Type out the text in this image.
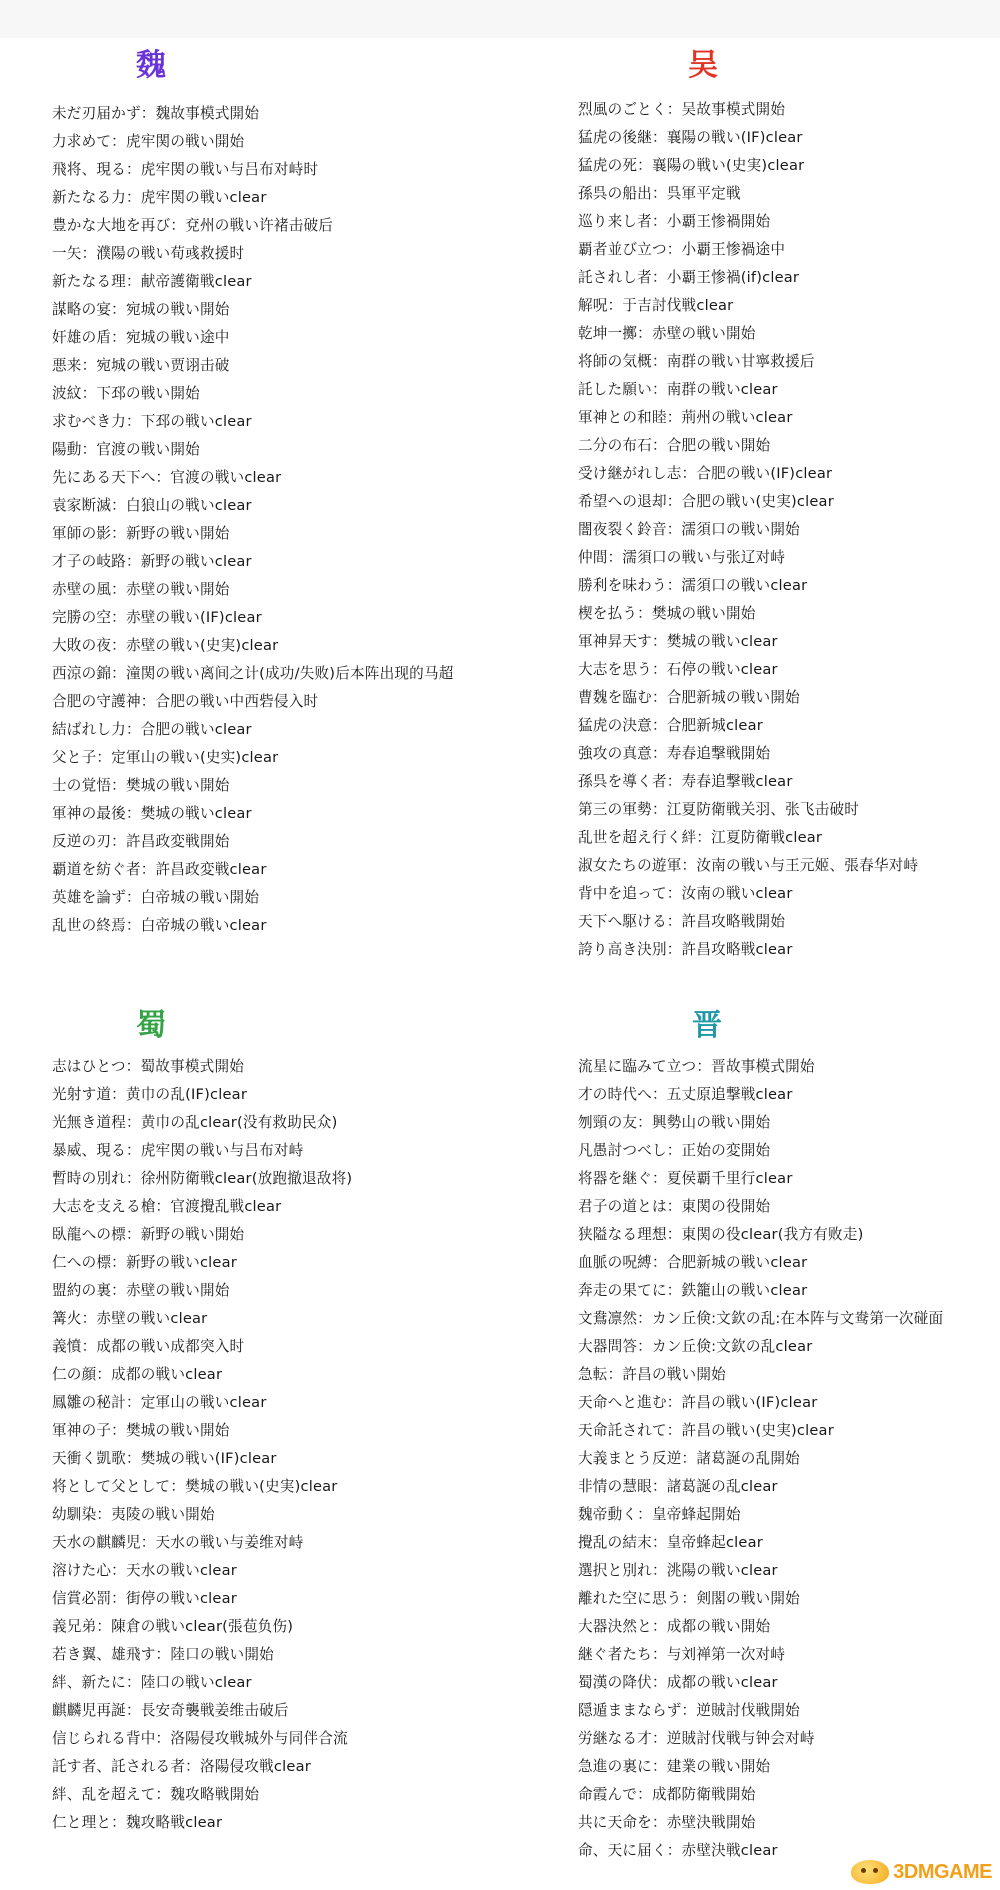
魏
未だ刃届かず：魏故事模式開始
力求めて：虎牢関の戦い開始
飛将、現る：虎牢関の戦い与吕布对峙时
新たなる力：虎牢関の戦いclear
豊かな大地を再び：兗州の戦い许褚击破后
一矢：濮陽の戦い荀彧救援时
新たなる理：献帝護衛戦clear
謀略の宴：宛城の戦い開始
奸雄の盾：宛城の戦い途中
悪来：宛城の戦い贾诩击破
波紋：下邳の戦い開始
求むべき力：下邳の戦いclear
陽動：官渡の戦い開始
先にある天下へ：官渡の戦いclear
袁家断滅：白狼山の戦いclear
軍師の影：新野の戦い開始
才子の岐路：新野の戦いclear
赤壁の風：赤壁の戦い開始
完勝の空：赤壁の戦い(IF)clear
大敗の夜：赤壁の戦い(史実)clear
西涼の錦：潼関の戦い离间之计(成功/失败)后本阵出现的马超
合肥の守護神：合肥の戦い中西砦侵入时
結ばれし力：合肥の戦いclear
父と子：定軍山の戦い(史实)clear
士の覚悟：樊城の戦い開始
軍神の最後：樊城の戦いclear
反逆の刃：許昌政変戦開始
覇道を紡ぐ者：許昌政変戦clear
英雄を論ず：白帝城の戦い開始
乱世の終焉：白帝城の戦いclear
吴
烈風のごとく：吴故事模式開始
猛虎の後継：襄陽の戦い(IF)clear
猛虎の死：襄陽の戦い(史実)clear
孫呉の船出：呉軍平定戦
巡り来し者：小覇王惨禍開始
覇者並び立つ：小覇王惨禍途中
託されし者：小覇王惨禍(if)clear
解呪：于吉討伐戦clear
乾坤一擲：赤壁の戦い開始
将師の気概：南群の戦い甘寧救援后
託した願い：南群の戦いclear
軍神との和睦：荊州の戦いclear
二分の布石：合肥の戦い開始
受け継がれし志：合肥の戦い(IF)clear
希望への退却：合肥の戦い(史実)clear
闇夜裂く鈴音：濡須口の戦い開始
仲間：濡須口の戦い与张辽对峙
勝利を味わう：濡須口の戦いclear
楔を払う：樊城の戦い開始
軍神昇天す：樊城の戦いclear
大志を思う：石停の戦いclear
曹魏を臨む：合肥新城の戦い開始
猛虎の決意：合肥新城clear
強攻の真意：寿春追撃戦開始
孫呉を導く者：寿春追撃戦clear
第三の軍勢：江夏防衛戦关羽、张飞击破时
乱世を超え行く絆：江夏防衛戦clear
淑女たちの遊軍：汝南の戦い与王元姬、張春华对峙
背中を追って：汝南の戦いclear
天下へ駆ける：許昌攻略戦開始
誇り高き決別：許昌攻略戦clear
蜀
志はひとつ：蜀故事模式開始
光射す道：黄巾の乱(IF)clear
光無き道程：黄巾の乱clear(没有救助民众)
暴威、現る：虎牢関の戦い与吕布对峙
暫時の別れ：徐州防衛戦clear(放跑撤退敌将)
大志を支える槍：官渡攪乱戦clear
臥龍への標：新野の戦い開始
仁への標：新野の戦いclear
盟約の裏：赤壁の戦い開始
篝火：赤壁の戦いclear
義憤：成都の戦い成都突入时
仁の顔：成都の戦いclear
鳳雛の秘計：定軍山の戦いclear
軍神の子：樊城の戦い開始
天衝く凱歌：樊城の戦い(IF)clear
将として父として：樊城の戦い(史実)clear
幼馴染：夷陵の戦い開始
天水の麒麟児：天水の戦い与姜维对峙
溶けた心：天水の戦いclear
信賞必罰：街停の戦いclear
義兄弟：陳倉の戦いclear(張苞负伤)
若き翼、雄飛す：陸口の戦い開始
絆、新たに：陸口の戦いclear
麒麟児再誕：長安奇襲戦姜维击破后
信じられる背中：洛陽侵攻戦城外与同伴合流
託す者、託される者：洛陽侵攻戦clear
絆、乱を超えて：魏攻略戦開始
仁と理と：魏攻略戦clear
晋
流星に臨みて立つ：晋故事模式開始
才の時代へ：五丈原追撃戦clear
刎頸の友：興勢山の戦い開始
凡愚討つべし：正始の変開始
将器を継ぐ：夏侯覇千里行clear
君子の道とは：東関の役開始
狭隘なる理想：東関の役clear(我方有败走)
血脈の呪縛：合肥新城の戦いclear
奔走の果てに：鉄籠山の戦いclear
文鴦凛然：カン丘倹:文欽の乱:在本阵与文鸯第一次碰面
大器問答：カン丘倹:文欽の乱clear
急転：許昌の戦い開始
天命へと進む：許昌の戦い(IF)clear
天命託されて：許昌の戦い(史実)clear
大義まとう反逆：諸葛誕の乱開始
非情の慧眼：諸葛誕の乱clear
魏帝動く：皇帝蜂起開始
攪乱の結末：皇帝蜂起clear
選択と別れ：洮陽の戦いclear
離れた空に思う：剣閣の戦い開始
大器決然と：成都の戦い開始
継ぐ者たち：与刘禅第一次对峙
蜀漢の降伏：成都の戦いclear
隠遁ままならず：逆賊討伐戦開始
労継なる才：逆賊討伐戦与钟会对峙
急進の裏に：建業の戦い開始
命霞んで：成都防衛戦開始
共に天命を：赤壁決戦開始
命、天に届く：赤壁決戦clear
3DMGAME
